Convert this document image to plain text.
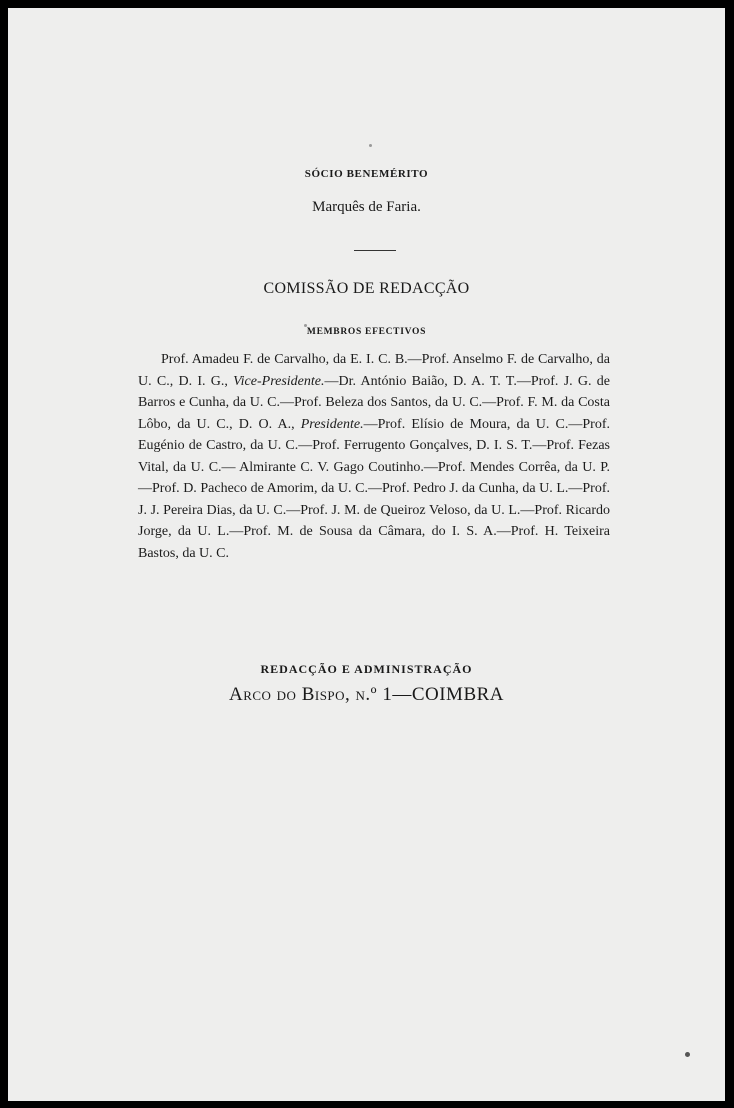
SÓCIO BENEMÉRITO
Marquês de Faria.
COMISSÃO DE REDACÇÃO
MEMBROS EFECTIVOS

Prof. Amadeu F. de Carvalho, da E. I. C. B.—Prof. Anselmo F. de Carvalho, da U. C., D. I. G., Vice-Presidente.—Dr. António Baião, D. A. T. T.—Prof. J. G. de Barros e Cunha, da U. C.—Prof. Beleza dos Santos, da U. C.—Prof. F. M. da Costa Lôbo, da U. C., D. O. A., Presidente.—Prof. Elísio de Moura, da U. C.—Prof. Eugénio de Castro, da U. C.—Prof. Ferrugento Gonçalves, D. I. S. T.—Prof. Fezas Vital, da U. C.— Almirante C. V. Gago Coutinho.—Prof. Mendes Corrêa, da U. P.—Prof. D. Pacheco de Amorim, da U. C.—Prof. Pedro J. da Cunha, da U. L.—Prof. J. J. Pereira Dias, da U. C.—Prof. J. M. de Queiroz Veloso, da U. L.—Prof. Ricardo Jorge, da U. L.—Prof. M. de Sousa da Câmara, do I. S. A.—Prof. H. Teixeira Bastos, da U. C.

REDACÇÃO E ADMINISTRAÇÃO
Arco do Bispo, n.º 1—COIMBRA
